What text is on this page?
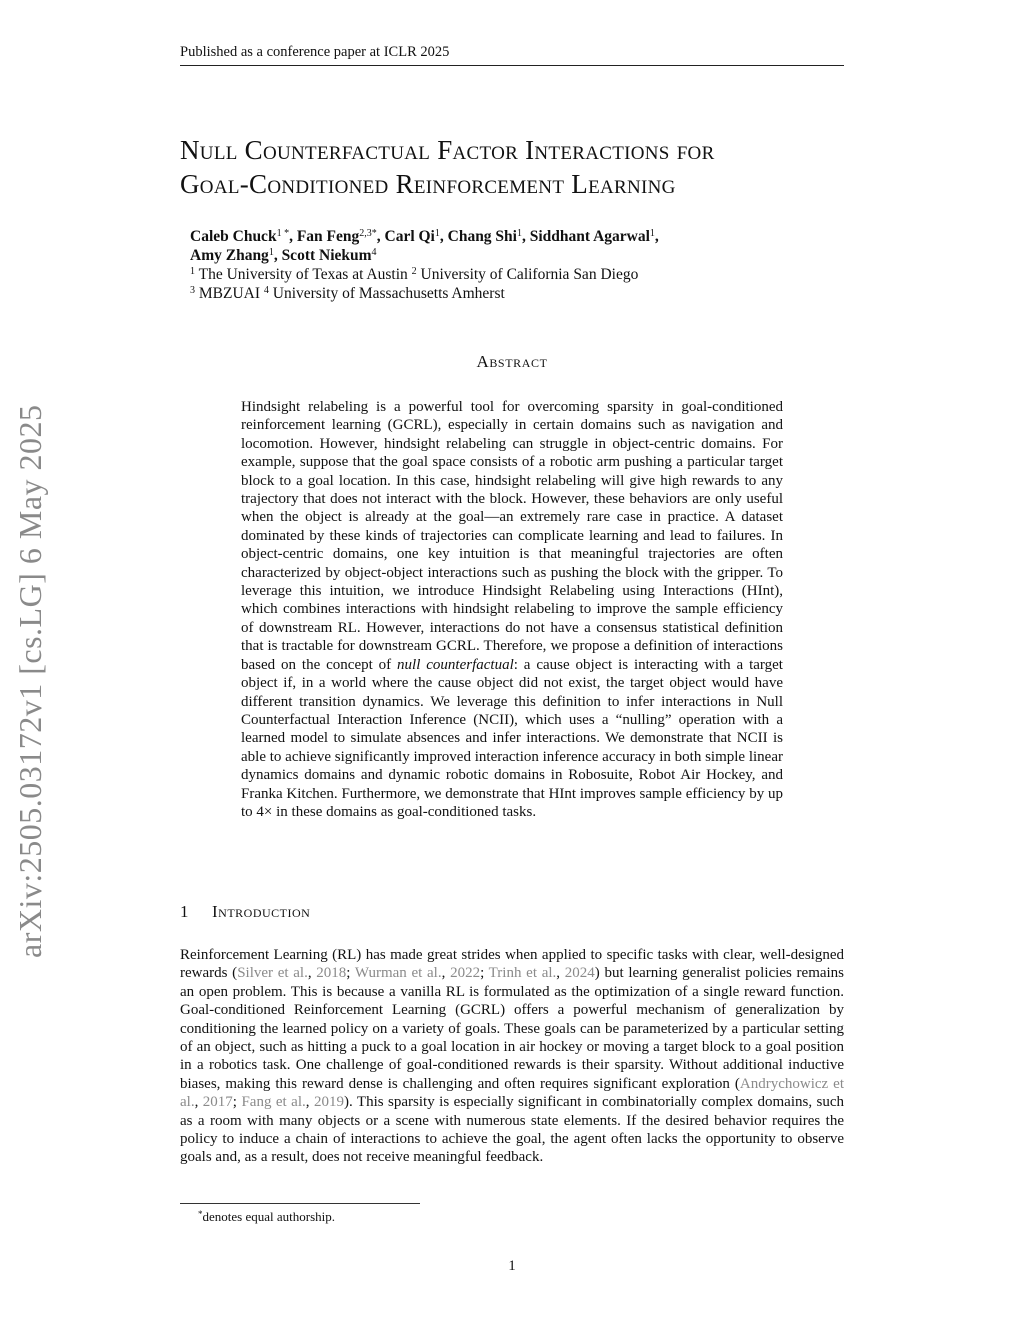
Published as a conference paper at ICLR 2025
arXiv:2505.03172v1 [cs.LG] 6 May 2025
Null Counterfactual Factor Interactions for
Goal-Conditioned Reinforcement Learning
Caleb Chuck$^{1 *}$, Fan Feng$^{2,3*}$, Carl Qi$^1$, Chang Shi$^1$, Siddhant Agarwal$^1$,
Amy Zhang$^1$, Scott Niekum$^4$
$^1$ The University of Texas at Austin $^2$ University of California San Diego
$^3$ MBZUAI $^4$ University of Massachusetts Amherst
Abstract
Hindsight relabeling is a powerful tool for overcoming sparsity in goal-conditioned reinforcement learning (GCRL), especially in certain domains such as navigation and locomotion. However, hindsight relabeling can struggle in object-centric domains. For example, suppose that the goal space consists of a robotic arm pushing a particular target block to a goal location. In this case, hindsight relabeling will give high rewards to any trajectory that does not interact with the block. However, these behaviors are only useful when the object is already at the goal—an extremely rare case in practice. A dataset dominated by these kinds of trajectories can complicate learning and lead to failures. In object-centric domains, one key intuition is that meaningful trajectories are often characterized by object-object interactions such as pushing the block with the gripper. To leverage this intuition, we introduce Hindsight Relabeling using Interactions (HInt), which combines interactions with hindsight relabeling to improve the sample efficiency of downstream RL. However, interactions do not have a consensus statistical definition that is tractable for downstream GCRL. Therefore, we propose a definition of interactions based on the concept of null counterfactual: a cause object is interacting with a target object if, in a world where the cause object did not exist, the target object would have different transition dynamics. We leverage this definition to infer interactions in Null Counterfactual Interaction Inference (NCII), which uses a “nulling” operation with a learned model to simulate absences and infer interactions. We demonstrate that NCII is able to achieve significantly improved interaction inference accuracy in both simple linear dynamics domains and dynamic robotic domains in Robosuite, Robot Air Hockey, and Franka Kitchen. Furthermore, we demonstrate that HInt improves sample efficiency by up to 4× in these domains as goal-conditioned tasks.
1 Introduction
Reinforcement Learning (RL) has made great strides when applied to specific tasks with clear, well-designed rewards (Silver et al., 2018; Wurman et al., 2022; Trinh et al., 2024) but learning generalist policies remains an open problem. This is because a vanilla RL is formulated as the optimization of a single reward function. Goal-conditioned Reinforcement Learning (GCRL) offers a powerful mechanism of generalization by conditioning the learned policy on a variety of goals. These goals can be parameterized by a particular setting of an object, such as hitting a puck to a goal location in air hockey or moving a target block to a goal position in a robotics task. One challenge of goal-conditioned rewards is their sparsity. Without additional inductive biases, making this reward dense is challenging and often requires significant exploration (Andrychowicz et al., 2017; Fang et al., 2019). This sparsity is especially significant in combinatorially complex domains, such as a room with many objects or a scene with numerous state elements. If the desired behavior requires the policy to induce a chain of interactions to achieve the goal, the agent often lacks the opportunity to observe goals and, as a result, does not receive meaningful feedback.
*denotes equal authorship.
1
